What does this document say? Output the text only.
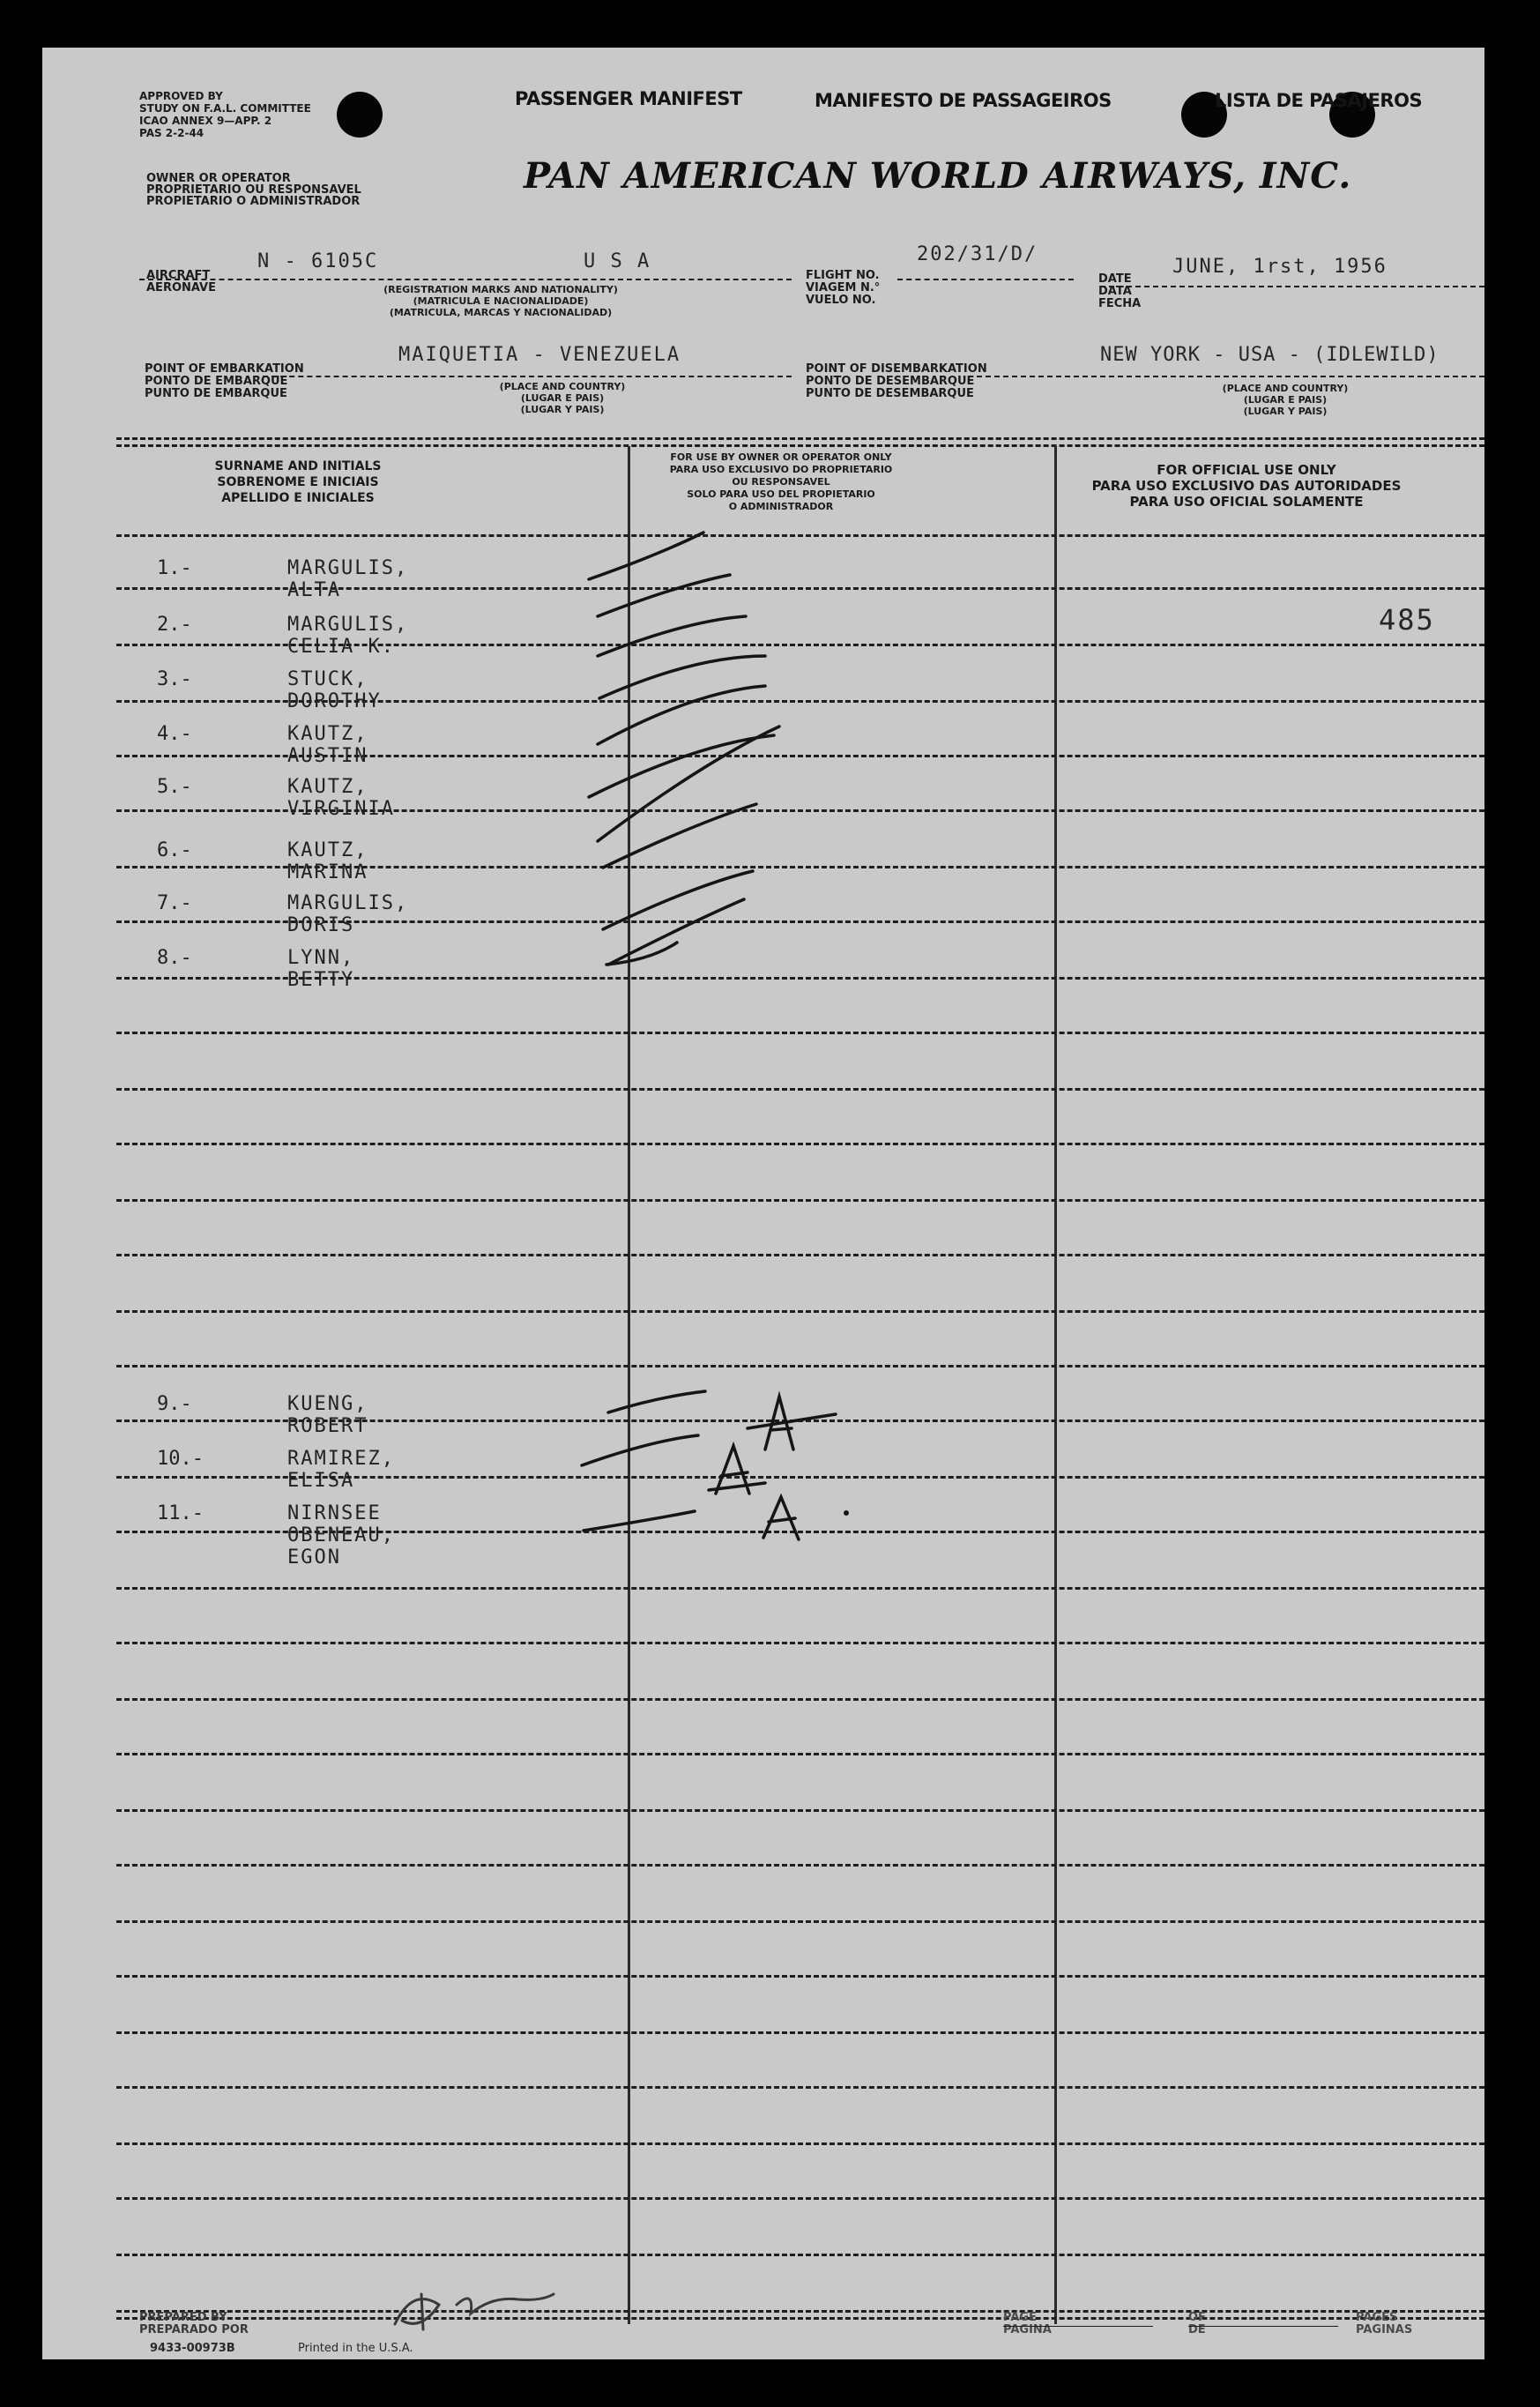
APPROVED BY
STUDY ON F.A.L. COMMITTEE
ICAO ANNEX 9—APP. 2
PAS 2-2-44
PASSENGER MANIFEST	MANIFESTO DE PASSAGEIROS	LISTA DE PASAJEROS
OWNER OR OPERATOR
PROPRIETARIO OU RESPONSAVEL
PROPIETARIO O ADMINISTRADOR
PAN AMERICAN WORLD AIRWAYS, INC.
AIRCRAFT
AERONAVE
N - 6105C	U S A
(REGISTRATION MARKS AND NATIONALITY)
(MATRICULA E NACIONALIDADE)
(MATRICULA, MARCAS Y NACIONALIDAD)
FLIGHT NO.
VIAGEM N.°
VUELO NO.
202/31/D/
DATE
DATA
FECHA
JUNE, 1rst, 1956
POINT OF EMBARKATION
PONTO DE EMBARQUE
PUNTO DE EMBARQUE
MAIQUETIA - VENEZUELA
(PLACE AND COUNTRY)
(LUGAR E PAIS)
(LUGAR Y PAIS)
POINT OF DISEMBARKATION
PONTO DE DESEMBARQUE
PUNTO DE DESEMBARQUE
NEW YORK - USA - (IDLEWILD)
(PLACE AND COUNTRY)
(LUGAR E PAIS)
(LUGAR Y PAIS)
SURNAME AND INITIALS
SOBRENOME E INICIAIS
APELLIDO E INICIALES
FOR USE BY OWNER OR OPERATOR ONLY
PARA USO EXCLUSIVO DO PROPRIETARIO
OU RESPONSAVEL
SOLO PARA USO DEL PROPIETARIO
O ADMINISTRADOR
FOR OFFICIAL USE ONLY
PARA USO EXCLUSIVO DAS AUTORIDADES
PARA USO OFICIAL SOLAMENTE
1.-	MARGULIS, ALTA
2.-	MARGULIS, CELIA K.
3.-	STUCK, DOROTHY
4.-	KAUTZ, AUSTIN
5.-	KAUTZ, VIRGINIA
6.-	KAUTZ, MARINA
7.-	MARGULIS, DORIS
8.-	LYNN, BETTY
9.-	KUENG, ROBERT
10.-	RAMIREZ, ELISA
11.-	NIRNSEE OBENEAU, EGON
485
PREPARED BY
PREPARADO POR
9433-00973B	Printed in the U.S.A.
PAGE
PAGINA
OF
DE
PAGES
PAGINAS
